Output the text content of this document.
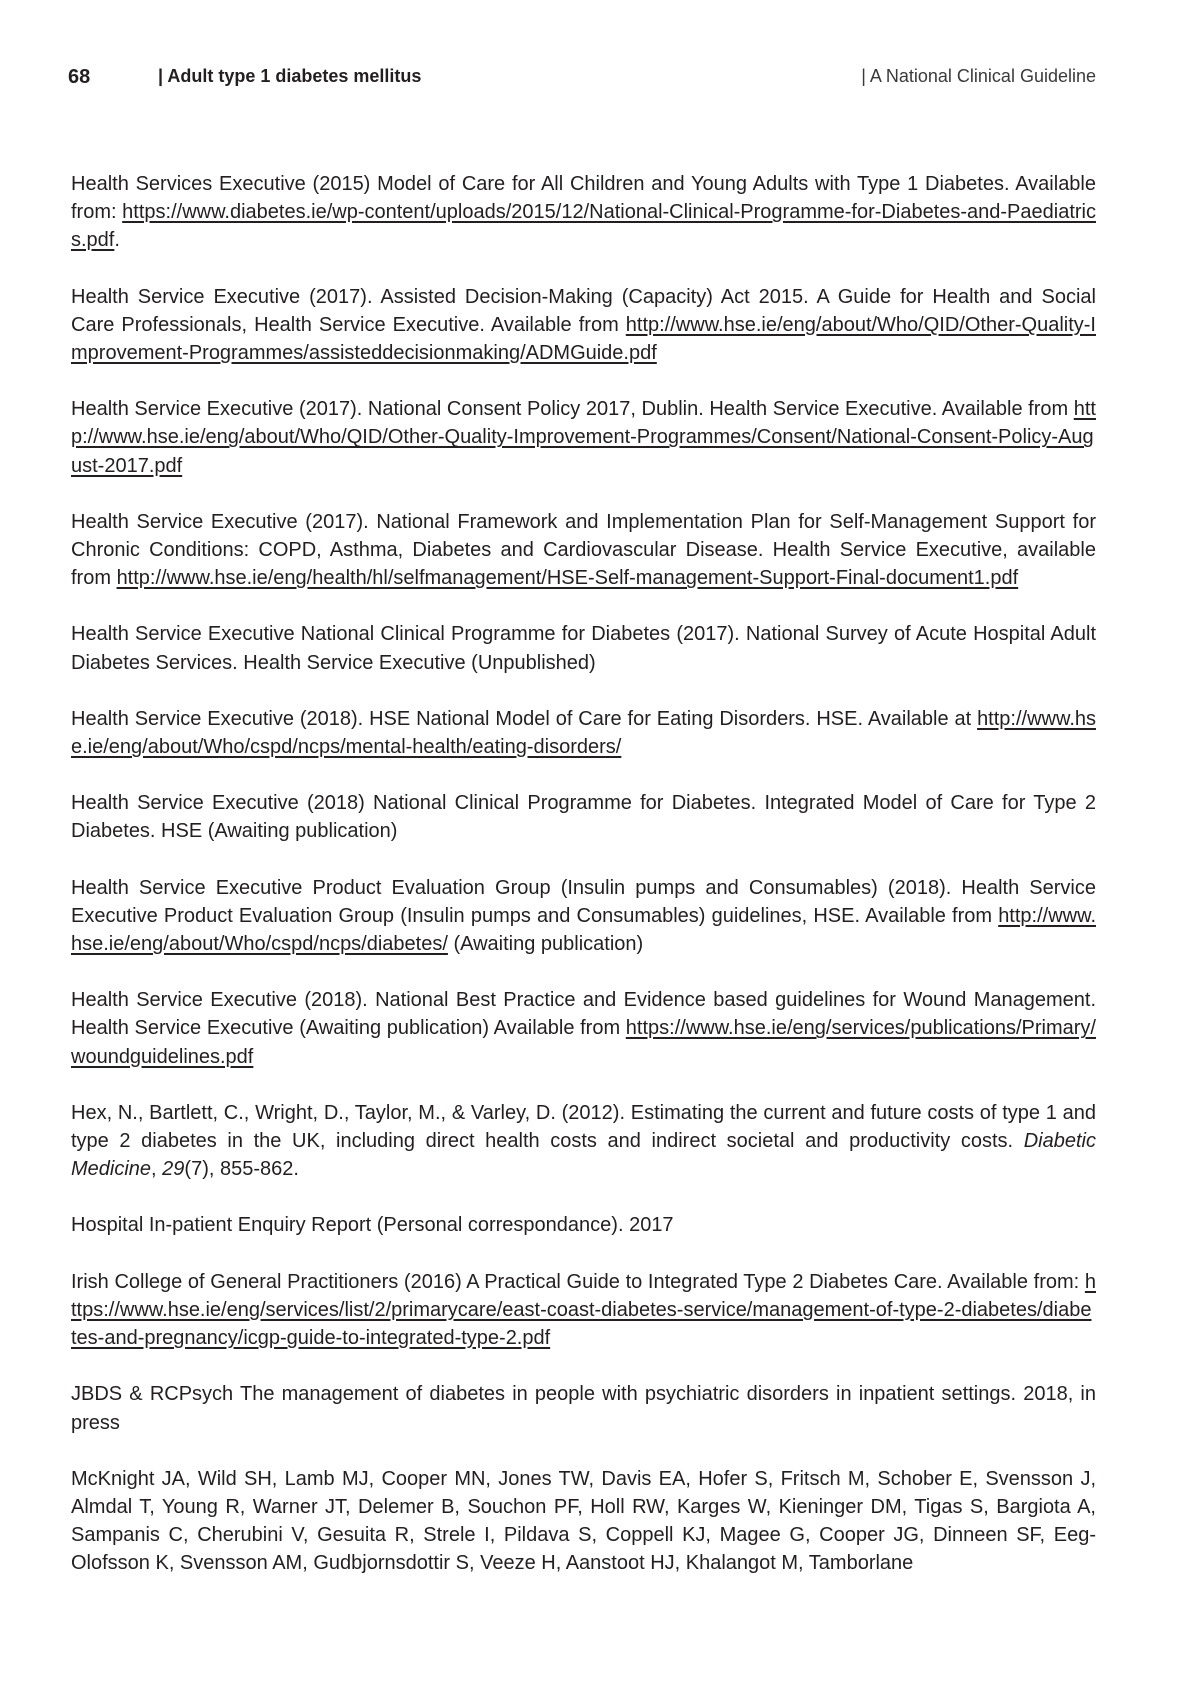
68	| Adult type 1 diabetes mellitus	| A National Clinical Guideline

Health Services Executive (2015) Model of Care for All Children and Young Adults with Type 1 Diabetes. Available from: https://www.diabetes.ie/wp-content/uploads/2015/12/National-Clinical-Programme-for-Diabetes-and-Paediatrics.pdf.

Health Service Executive (2017). Assisted Decision-Making (Capacity) Act 2015. A Guide for Health and Social Care Professionals, Health Service Executive. Available from http://www.hse.ie/eng/about/Who/QID/Other-Quality-Improvement-Programmes/assisteddecisionmaking/ADMGuide.pdf

Health Service Executive (2017). National Consent Policy 2017, Dublin. Health Service Executive. Available from http://www.hse.ie/eng/about/Who/QID/Other-Quality-Improvement-Programmes/Consent/National-Consent-Policy-August-2017.pdf

Health Service Executive (2017). National Framework and Implementation Plan for Self-Management Support for Chronic Conditions: COPD, Asthma, Diabetes and Cardiovascular Disease. Health Service Executive, available from http://www.hse.ie/eng/health/hl/selfmanagement/HSE-Self-management-Support-Final-document1.pdf

Health Service Executive National Clinical Programme for Diabetes (2017). National Survey of Acute Hospital Adult Diabetes Services. Health Service Executive (Unpublished)

Health Service Executive (2018). HSE National Model of Care for Eating Disorders. HSE. Available at http://www.hse.ie/eng/about/Who/cspd/ncps/mental-health/eating-disorders/

Health Service Executive (2018) National Clinical Programme for Diabetes. Integrated Model of Care for Type 2 Diabetes. HSE (Awaiting publication)

Health Service Executive Product Evaluation Group (Insulin pumps and Consumables) (2018). Health Service Executive Product Evaluation Group (Insulin pumps and Consumables) guidelines, HSE. Available from http://www.hse.ie/eng/about/Who/cspd/ncps/diabetes/ (Awaiting publication)

Health Service Executive (2018). National Best Practice and Evidence based guidelines for Wound Management. Health Service Executive (Awaiting publication) Available from https://www.hse.ie/eng/services/publications/Primary/woundguidelines.pdf

Hex, N., Bartlett, C., Wright, D., Taylor, M., & Varley, D. (2012). Estimating the current and future costs of type 1 and type 2 diabetes in the UK, including direct health costs and indirect societal and productivity costs. Diabetic Medicine, 29(7), 855-862.

Hospital In-patient Enquiry Report (Personal correspondance). 2017

Irish College of General Practitioners (2016) A Practical Guide to Integrated Type 2 Diabetes Care. Available from: https://www.hse.ie/eng/services/list/2/primarycare/east-coast-diabetes-service/management-of-type-2-diabetes/diabetes-and-pregnancy/icgp-guide-to-integrated-type-2.pdf

JBDS & RCPsych The management of diabetes in people with psychiatric disorders in inpatient settings. 2018, in press

McKnight JA, Wild SH, Lamb MJ, Cooper MN, Jones TW, Davis EA, Hofer S, Fritsch M, Schober E, Svensson J, Almdal T, Young R, Warner JT, Delemer B, Souchon PF, Holl RW, Karges W, Kieninger DM, Tigas S, Bargiota A, Sampanis C, Cherubini V, Gesuita R, Strele I, Pildava S, Coppell KJ, Magee G, Cooper JG, Dinneen SF, Eeg-Olofsson K, Svensson AM, Gudbjornsdottir S, Veeze H, Aanstoot HJ, Khalangot M, Tamborlane
